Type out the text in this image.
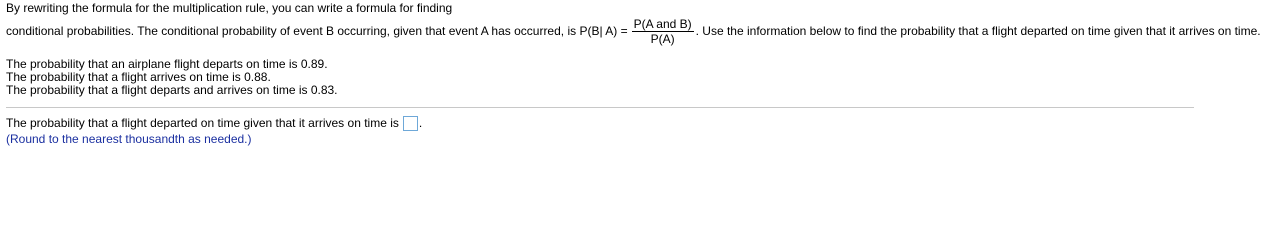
By rewriting the formula for the multiplication rule, you can write a formula for finding
conditional probabilities. The conditional probability of event B occurring, given that event A has occurred, is P(B| $A) = \frac{\text{P(A and B)}}{P(A)}$ . Use the information below to find the probability that a flight departed on time given that it arrives on time.
The probability that an airplane flight departs on time is 0.89.
The probability that a flight arrives on time is 0.88.
The probability that a flight departs and arrives on time is 0.83.
The probability that a flight departed on time given that it arrives on time is .
(Round to the nearest thousandth as needed.)
